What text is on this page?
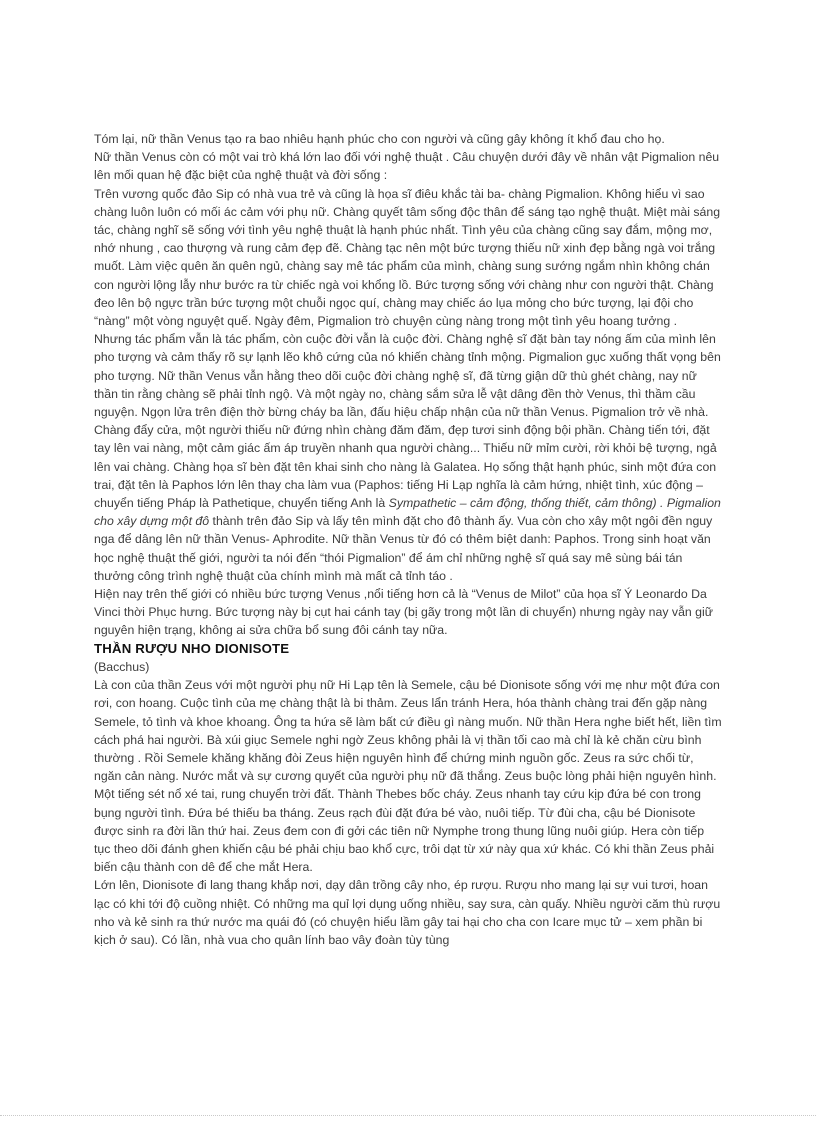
Tóm lại, nữ thần Venus tạo ra bao nhiêu hạnh phúc cho con người và cũng gây không ít khổ đau cho họ.

Nữ thần Venus còn có một vai trò khá lớn lao đối với nghệ thuật . Câu chuyện dưới đây về nhân vật Pigmalion nêu lên mối quan hệ đặc biệt của nghệ thuật và đời sống :

Trên vương quốc đảo Sip có nhà vua trẻ và cũng là họa sĩ điêu khắc tài ba- chàng Pigmalion. Không hiểu vì sao chàng luôn luôn có mối ác cảm với phụ nữ. Chàng quyết tâm sống độc thân để sáng tạo nghệ thuật. Miệt mài sáng tác, chàng nghĩ sẽ sống với tình yêu nghệ thuật là hạnh phúc nhất. Tình yêu của chàng cũng say đắm, mộng mơ, nhớ nhung , cao thượng và rung cảm đẹp đẽ. Chàng tạc nên một bức tượng thiếu nữ xinh đẹp bằng ngà voi trắng muốt. Làm việc quên ăn quên ngủ, chàng say mê tác phẩm của mình, chàng sung sướng ngắm nhìn không chán con người lộng lẫy như bước ra từ chiếc ngà voi khổng lồ. Bức tượng sống với chàng như con người thật. Chàng đeo lên bộ ngực trần bức tượng một chuỗi ngọc quí, chàng may chiếc áo lụa mỏng cho bức tượng, lại đội cho “nàng” một vòng nguyệt quế. Ngày đêm, Pigmalion trò chuyện cùng nàng trong một tình yêu hoang tưởng .

Nhưng tác phẩm vẫn là tác phẩm, còn cuộc đời vẫn là cuộc đời. Chàng nghệ sĩ đặt bàn tay nóng ấm của mình lên pho tượng và cảm thấy rõ sự lạnh lẽo khô cứng của nó khiến chàng tỉnh mộng. Pigmalion gục xuống thất vọng bên pho tượng. Nữ thần Venus vẫn hằng theo dõi cuộc đời chàng nghệ sĩ, đã từng giận dữ thù ghét chàng, nay nữ thần tin rằng chàng sẽ phải tỉnh ngộ. Và một ngày no, chàng sắm sửa lễ vật dâng đền thờ Venus, thì thầm cầu nguyện. Ngọn lửa trên điện thờ bừng cháy ba lần, đấu hiệu chấp nhận của nữ thần Venus. Pigmalion trở về nhà. Chàng đẩy cửa, một người thiếu nữ đứng nhìn chàng đăm đăm, đẹp tươi sinh động bội phần. Chàng tiến tới, đặt tay lên vai nàng, một cảm giác ấm áp truyền nhanh qua người chàng... Thiếu nữ mỉm cười, rời khỏi bệ tượng, ngả lên vai chàng. Chàng họa sĩ bèn đặt tên khai sinh cho nàng là Galatea. Họ sống thật hạnh phúc, sinh một đứa con trai, đặt tên là Paphos lớn lên thay cha làm vua (Paphos: tiếng Hi Lạp nghĩa là cảm hứng, nhiệt tình, xúc động – chuyển tiếng Pháp là Pathetique, chuyển tiếng Anh là Sympathetic – cảm động, thống thiết, cảm thông) . Pigmalion cho xây dựng một đô thành trên đảo Sip và lấy tên mình đặt cho đô thành ấy. Vua còn cho xây một ngôi đền nguy nga để dâng lên nữ thần Venus- Aphrodite. Nữ thần Venus từ đó có thêm biệt danh: Paphos. Trong sinh hoạt văn học nghệ thuật thế giới, người ta nói đến “thói Pigmalion” để ám chỉ những nghệ sĩ quá say mê sùng bái tán thưởng công trình nghệ thuật của chính mình mà mất cả tỉnh táo .

Hiện nay trên thế giới có nhiều bức tượng Venus ,nổi tiếng hơn cả là “Venus de Milot” của họa sĩ Ý Leonardo Da Vinci thời Phục hưng. Bức tượng này bị cụt hai cánh tay (bị gãy trong một lần di chuyển) nhưng ngày nay vẫn giữ nguyên hiện trạng, không ai sửa chữa bổ sung đôi cánh tay nữa.

THẦN RƯỢU NHO DIONISOTE

(Bacchus)

Là con của thần Zeus với một người phụ nữ Hi Lạp tên là Semele, cậu bé Dionisote sống với mẹ như một đứa con rơi, con hoang. Cuộc tình của mẹ chàng thật là bi thảm. Zeus lẩn tránh Hera, hóa thành chàng trai đến gặp nàng Semele, tỏ tình và khoe khoang. Ông ta hứa sẽ làm bất cứ điều gì nàng muốn. Nữ thần Hera nghe biết hết, liền tìm cách phá hai người. Bà xúi giục Semele nghi ngờ Zeus không phải là vị thần tối cao mà chỉ là kẻ chăn cừu bình thường . Rồi Semele khăng khăng đòi Zeus hiện nguyên hình để chứng minh nguồn gốc. Zeus ra sức chối từ, ngăn cản nàng. Nước mắt và sự cương quyết của người phụ nữ đã thắng. Zeus buộc lòng phải hiện nguyên hình. Một tiếng sét nổ xé tai, rung chuyển trời đất. Thành Thebes bốc cháy. Zeus nhanh tay cứu kịp đứa bé con trong bụng người tình. Đứa bé thiếu ba tháng. Zeus rạch đùi đặt đứa bé vào, nuôi tiếp. Từ đùi cha, cậu bé Dionisote được sinh ra đời lần thứ hai. Zeus đem con đi gởi các tiên nữ Nymphe trong thung lũng nuôi giúp. Hera còn tiếp tục theo dõi đánh ghen khiến cậu bé phải chịu bao khổ cực, trôi dạt từ xứ này qua xứ khác. Có khi thần Zeus phải biến cậu thành con dê để che mắt Hera.

Lớn lên, Dionisote đi lang thang khắp nơi, dạy dân trồng cây nho, ép rượu. Rượu nho mang lại sự vui tươi, hoan lạc có khi tới độ cuồng nhiệt. Có những ma quỉ lợi dụng uống nhiều, say sưa, càn quấy. Nhiều người căm thù rượu nho và kẻ sinh ra thứ nước ma quái đó (có chuyện hiểu lầm gây tai hại cho cha con Icare mục tử – xem phần bi kịch ở sau). Có lần, nhà vua cho quân lính bao vây đoàn tùy tùng
